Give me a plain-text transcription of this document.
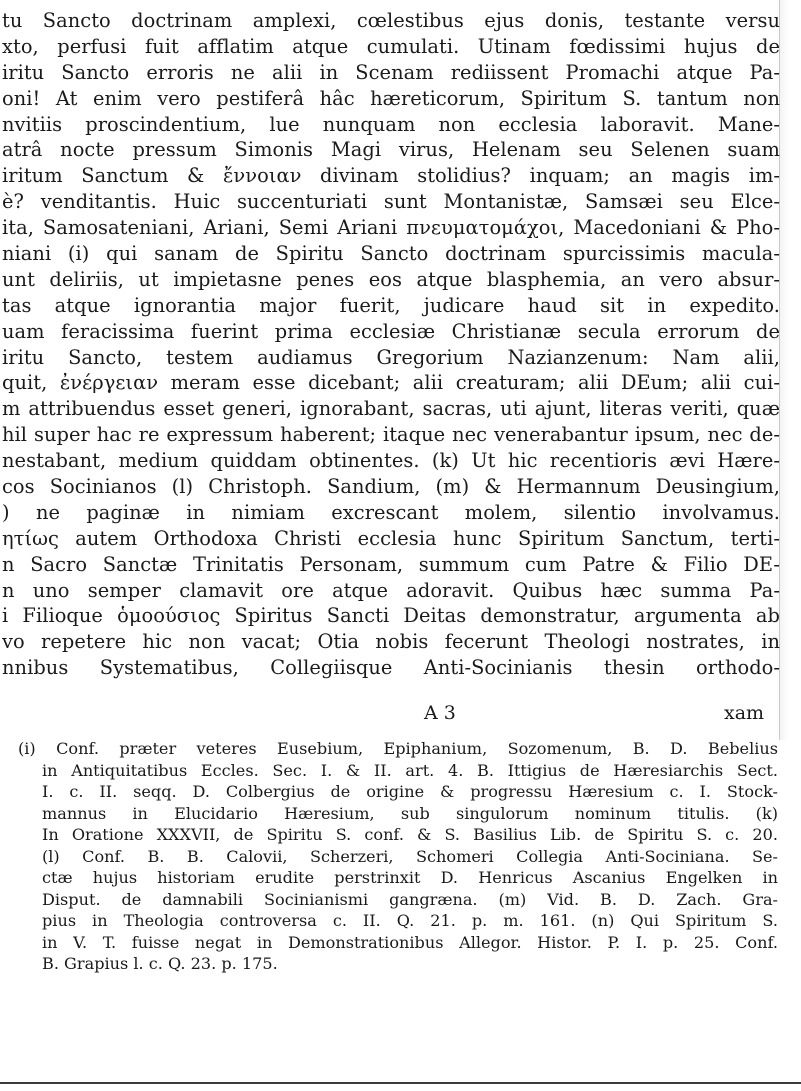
tu Sancto doctrinam amplexi, cœlestibus ejus donis, testante versu
xto, perfusi fuit afflatim atque cumulati. Utinam fœdissimi hujus de
iritu Sancto erroris ne alii in Scenam rediissent Promachi atque Pa-
oni! At enim vero pestiferâ hâc hæreticorum, Spiritum S. tantum non
nvitiis proscindentium, lue nunquam non ecclesia laboravit. Mane-
atrâ nocte pressum Simonis Magi virus, Helenam seu Selenen suam
iritum Sanctum & ἔννοιαν divinam stolidius? inquam; an magis im-
è? venditantis. Huic succenturiati sunt Montanistæ, Samsæi seu Elce-
ita, Samosateniani, Ariani, Semi Ariani πνευματομάχοι, Macedoniani & Pho-
niani (i) qui sanam de Spiritu Sancto doctrinam spurcissimis macula-
unt deliriis, ut impietasne penes eos atque blasphemia, an vero absur-
tas atque ignorantia major fuerit, judicare haud sit in expedito.
uam feracissima fuerint prima ecclesiæ Christianæ secula errorum de
iritu Sancto, testem audiamus Gregorium Nazianzenum: Nam alii,
quit, ἐνέργειαν meram esse dicebant; alii creaturam; alii DEum; alii cui-
m attribuendus esset generi, ignorabant, sacras, uti ajunt, literas veriti, quæ
hil super hac re expressum haberent; itaque nec venerabantur ipsum, nec de-
nestabant, medium quiddam obtinentes. (k) Ut hic recentioris ævi Hære-
cos Socinianos (l) Christoph. Sandium, (m) & Hermannum Deusingium,
) ne paginæ in nimiam excrescant molem, silentio involvamus.
ητίως autem Orthodoxa Christi ecclesia hunc Spiritum Sanctum, terti-
n Sacro Sanctæ Trinitatis Personam, summum cum Patre & Filio DE-
n uno semper clamavit ore atque adoravit. Quibus hæc summa Pa-
i Filioque ὁμοούσιος Spiritus Sancti Deitas demonstratur, argumenta ab
vo repetere hic non vacat; Otia nobis fecerunt Theologi nostrates, in
nnibus Systematibus, Collegiisque Anti-Socinianis thesin orthodo-
A 3	xam
(i) Conf. præter veteres Eusebium, Epiphanium, Sozomenum, B. D. Bebelius
in Antiquitatibus Eccles. Sec. I. & II. art. 4. B. Ittigius de Hæresiarchis Sect.
I. c. II. seqq. D. Colbergius de origine & progressu Hæresium c. I. Stock-
mannus in Elucidario Hæresium, sub singulorum nominum titulis. (k)
In Oratione XXXVII, de Spiritu S. conf. & S. Basilius Lib. de Spiritu S. c. 20.
(l) Conf. B. B. Calovii, Scherzeri, Schomeri Collegia Anti-Sociniana. Se-
ctæ hujus historiam erudite perstrinxit D. Henricus Ascanius Engelken in
Disput. de damnabili Socinianismi gangræna. (m) Vid. B. D. Zach. Gra-
pius in Theologia controversa c. II. Q. 21. p. m. 161. (n) Qui Spiritum S.
in V. T. fuisse negat in Demonstrationibus Allegor. Histor. P. I. p. 25. Conf.
B. Grapius l. c. Q. 23. p. 175.
